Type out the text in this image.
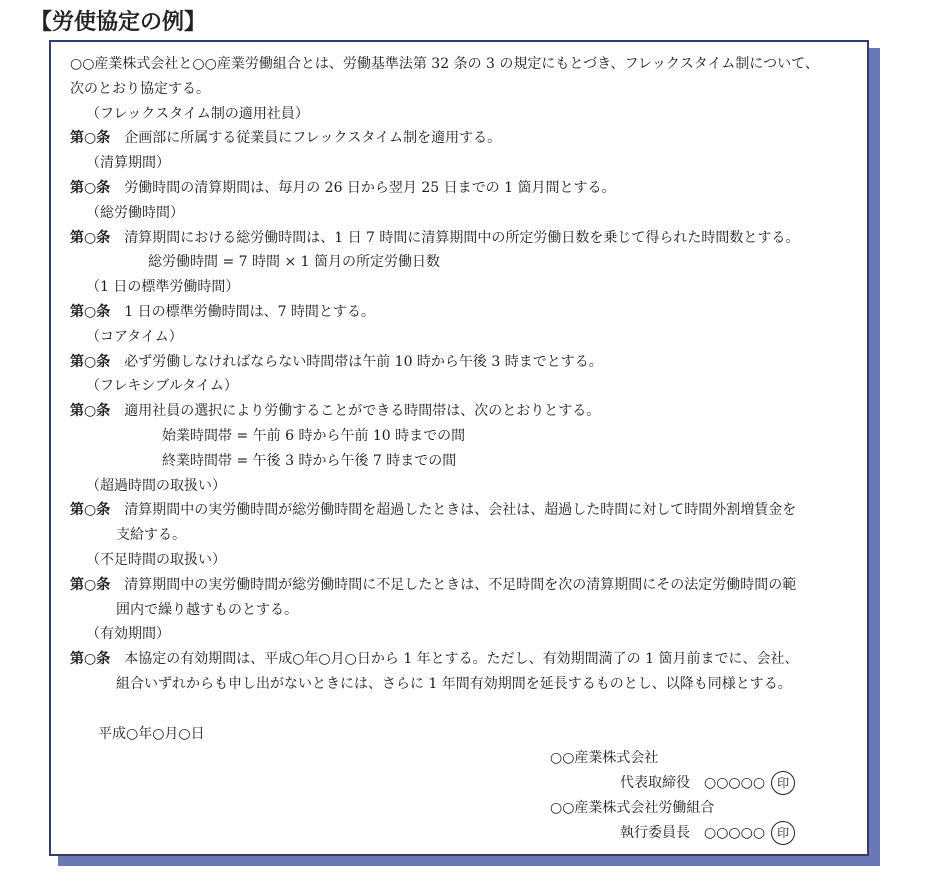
【労使協定の例】
○○産業株式会社と○○産業労働組合とは、労働基準法第 32 条の 3 の規定にもとづき、フレックスタイム制について、
次のとおり協定する。
（フレックスタイム制の適用社員）
第○条　 企画部に所属する従業員にフレックスタイム制を適用する。
（清算期間）
第○条　 労働時間の清算期間は、毎月の 26 日から翌月 25 日までの 1 箇月間とする。
（総労働時間）
第○条　 清算期間における総労働時間は、1 日 7 時間に清算期間中の所定労働日数を乗じて得られた時間数とする。
総労働時間 = 7 時間 × 1 箇月の所定労働日数
（1 日の標準労働時間）
第○条　 1 日の標準労働時間は、7 時間とする。
（コアタイム）
第○条　 必ず労働しなければならない時間帯は午前 10 時から午後 3 時までとする。
（フレキシブルタイム）
第○条　 適用社員の選択により労働することができる時間帯は、次のとおりとする。
始業時間帯 = 午前 6 時から午前 10 時までの間
終業時間帯 = 午後 3 時から午後 7 時までの間
（超過時間の取扱い）
第○条　 清算期間中の実労働時間が総労働時間を超過したときは、会社は、超過した時間に対して時間外割増賃金を
支給する。
（不足時間の取扱い）
第○条　 清算期間中の実労働時間が総労働時間に不足したときは、不足時間を次の清算期間にその法定労働時間の範
囲内で繰り越すものとする。
（有効期間）
第○条　 本協定の有効期間は、平成○年○月○日から 1 年とする。ただし、有効期間満了の 1 箇月前までに、会社、
組合いずれからも申し出がないときには、さらに 1 年間有効期間を延長するものとし、以降も同様とする。
平成○年○月○日
○○産業株式会社
代表取締役　 ○○○○○ 印
○○産業株式会社労働組合
執行委員長　 ○○○○○ 印
